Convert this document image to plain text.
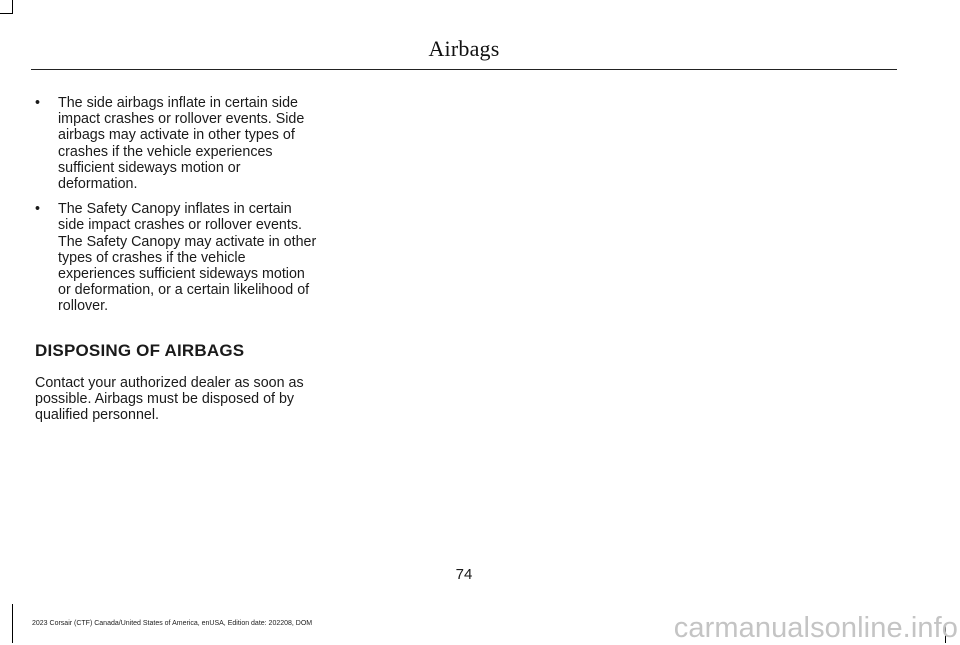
Airbags
• The side airbags inflate in certain side impact crashes or rollover events. Side airbags may activate in other types of crashes if the vehicle experiences sufficient sideways motion or deformation.
• The Safety Canopy inflates in certain side impact crashes or rollover events. The Safety Canopy may activate in other types of crashes if the vehicle experiences sufficient sideways motion or deformation, or a certain likelihood of rollover.
DISPOSING OF AIRBAGS

Contact your authorized dealer as soon as possible. Airbags must be disposed of by qualified personnel.

74
2023 Corsair (CTF) Canada/United States of America, enUSA, Edition date: 202208, DOM	carmanualsonline.info
